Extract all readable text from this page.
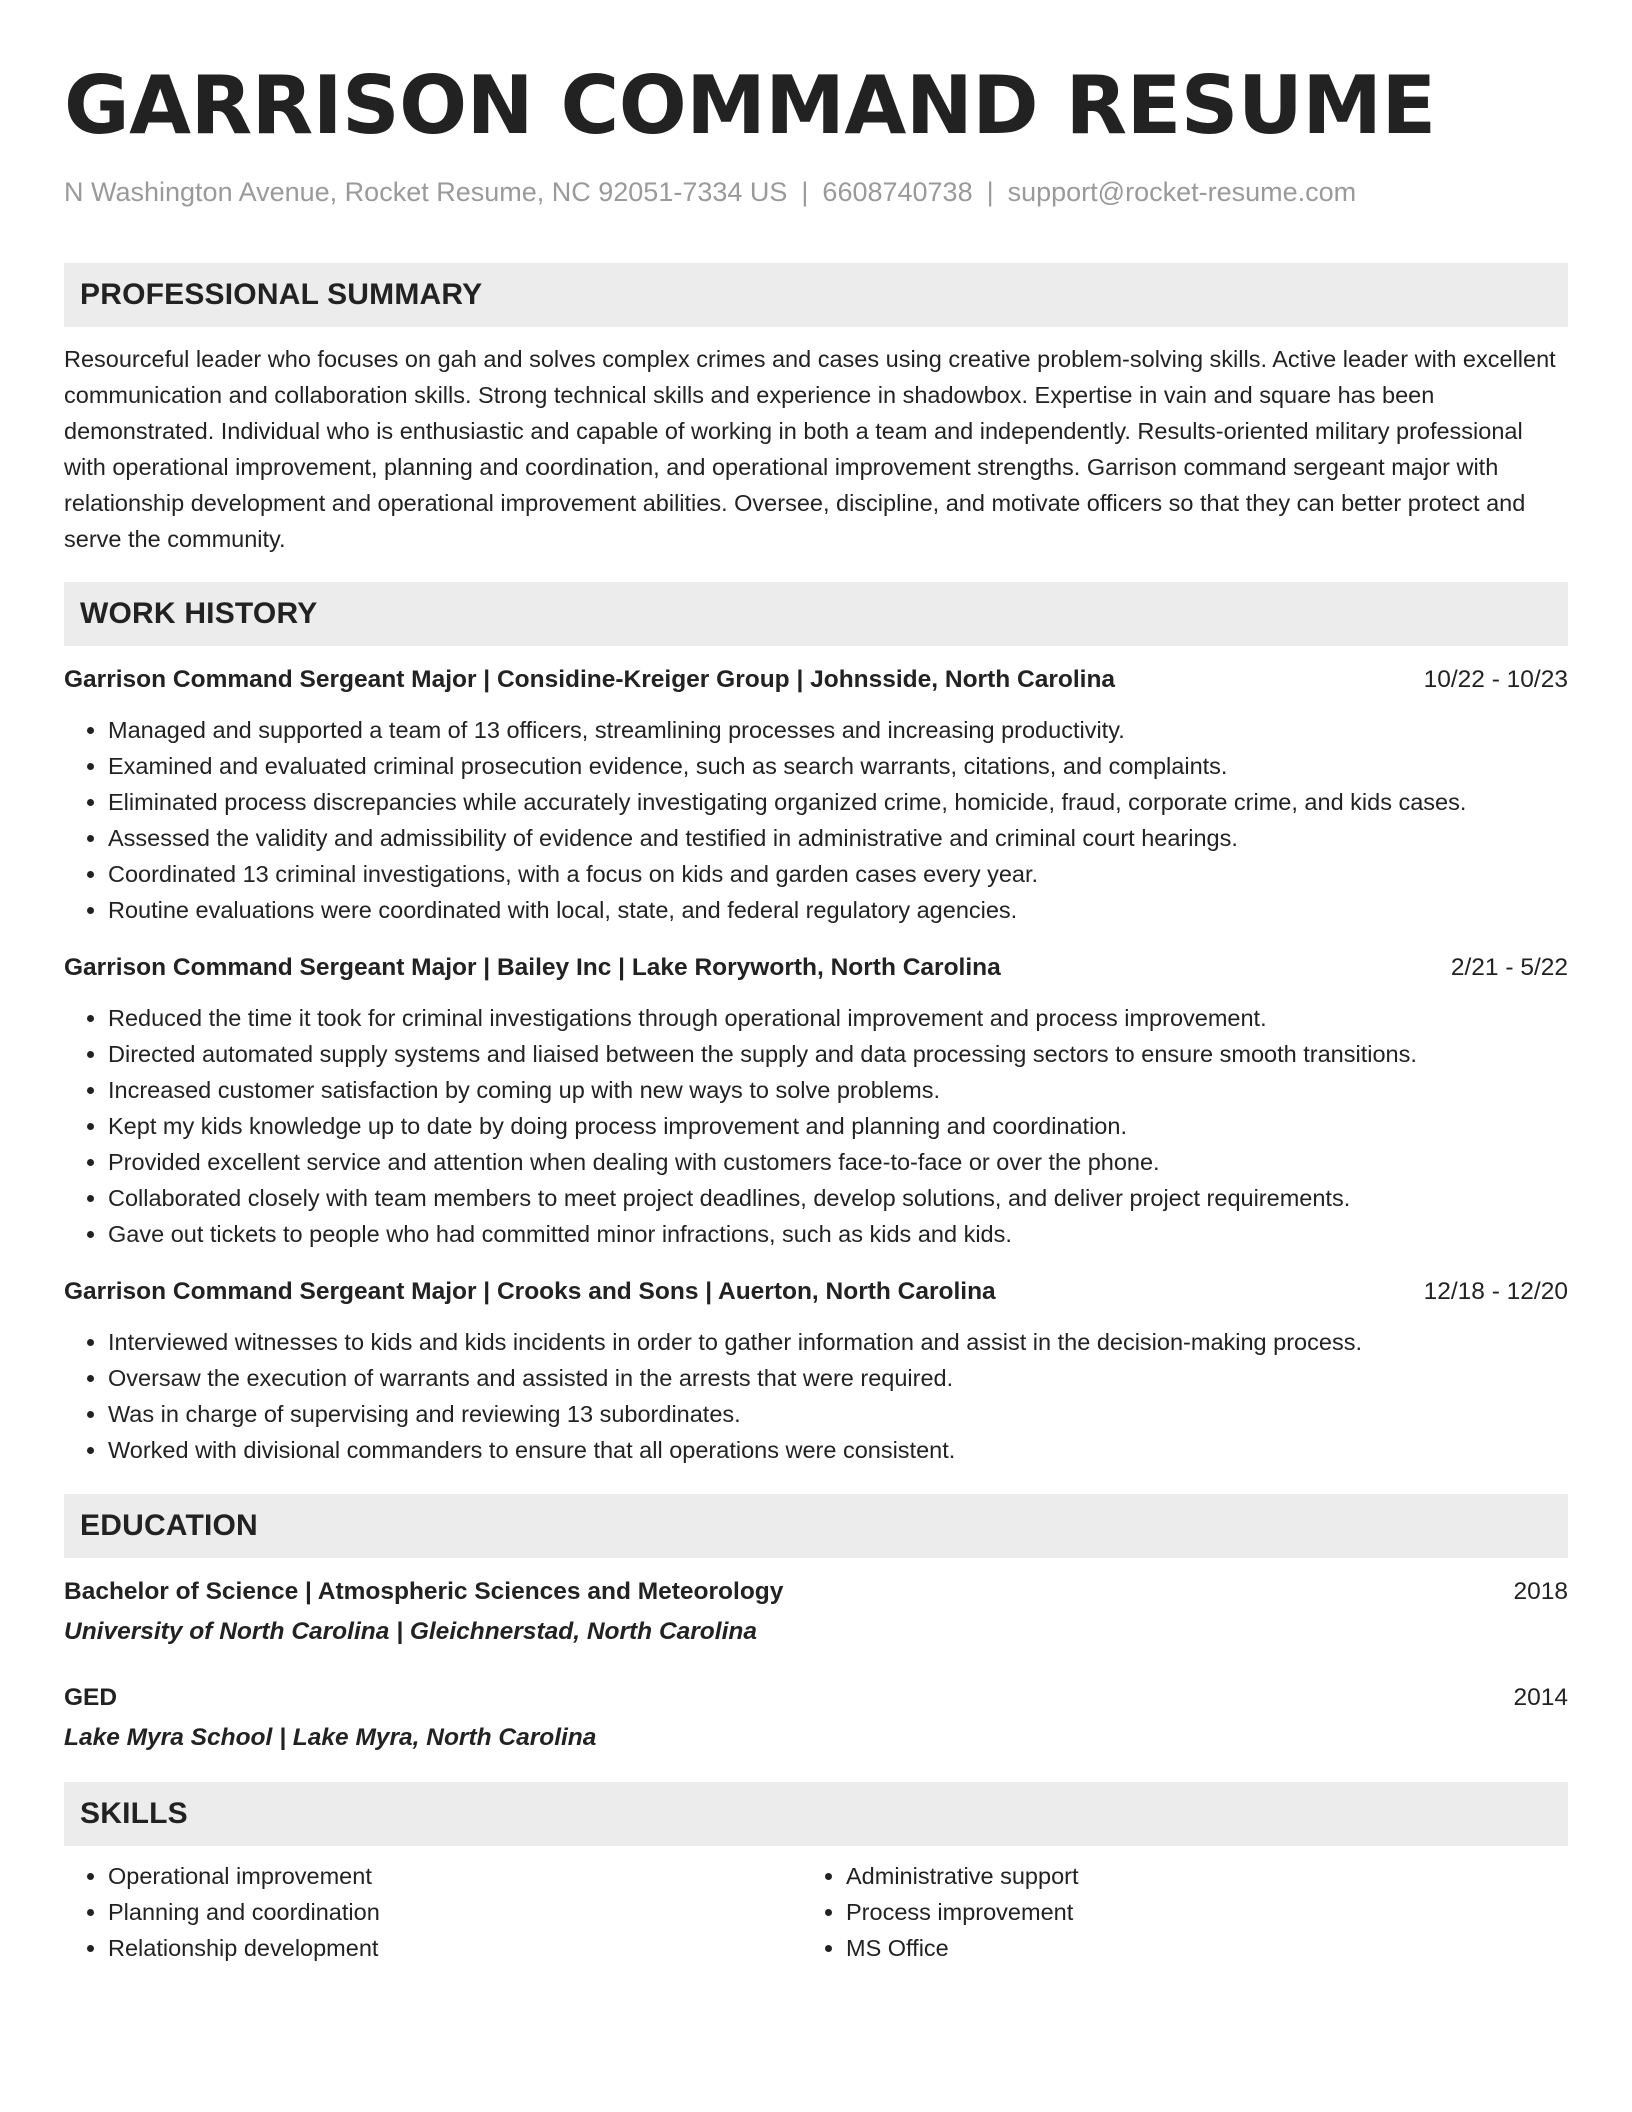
GARRISON COMMAND RESUME
N Washington Avenue, Rocket Resume, NC 92051-7334 US | 6608740738 | support@rocket-resume.com
PROFESSIONAL SUMMARY
Resourceful leader who focuses on gah and solves complex crimes and cases using creative problem-solving skills. Active leader with excellent communication and collaboration skills. Strong technical skills and experience in shadowbox. Expertise in vain and square has been demonstrated. Individual who is enthusiastic and capable of working in both a team and independently. Results-oriented military professional with operational improvement, planning and coordination, and operational improvement strengths. Garrison command sergeant major with relationship development and operational improvement abilities. Oversee, discipline, and motivate officers so that they can better protect and serve the community.
WORK HISTORY
Garrison Command Sergeant Major | Considine-Kreiger Group | Johnsside, North Carolina	10/22 - 10/23
• Managed and supported a team of 13 officers, streamlining processes and increasing productivity.
• Examined and evaluated criminal prosecution evidence, such as search warrants, citations, and complaints.
• Eliminated process discrepancies while accurately investigating organized crime, homicide, fraud, corporate crime, and kids cases.
• Assessed the validity and admissibility of evidence and testified in administrative and criminal court hearings.
• Coordinated 13 criminal investigations, with a focus on kids and garden cases every year.
• Routine evaluations were coordinated with local, state, and federal regulatory agencies.
Garrison Command Sergeant Major | Bailey Inc | Lake Roryworth, North Carolina	2/21 - 5/22
• Reduced the time it took for criminal investigations through operational improvement and process improvement.
• Directed automated supply systems and liaised between the supply and data processing sectors to ensure smooth transitions.
• Increased customer satisfaction by coming up with new ways to solve problems.
• Kept my kids knowledge up to date by doing process improvement and planning and coordination.
• Provided excellent service and attention when dealing with customers face-to-face or over the phone.
• Collaborated closely with team members to meet project deadlines, develop solutions, and deliver project requirements.
• Gave out tickets to people who had committed minor infractions, such as kids and kids.
Garrison Command Sergeant Major | Crooks and Sons | Auerton, North Carolina	12/18 - 12/20
• Interviewed witnesses to kids and kids incidents in order to gather information and assist in the decision-making process.
• Oversaw the execution of warrants and assisted in the arrests that were required.
• Was in charge of supervising and reviewing 13 subordinates.
• Worked with divisional commanders to ensure that all operations were consistent.
EDUCATION
Bachelor of Science | Atmospheric Sciences and Meteorology	2018
University of North Carolina | Gleichnerstad, North Carolina
GED	2014
Lake Myra School | Lake Myra, North Carolina
SKILLS
• Operational improvement
• Planning and coordination
• Relationship development
• Administrative support
• Process improvement
• MS Office
